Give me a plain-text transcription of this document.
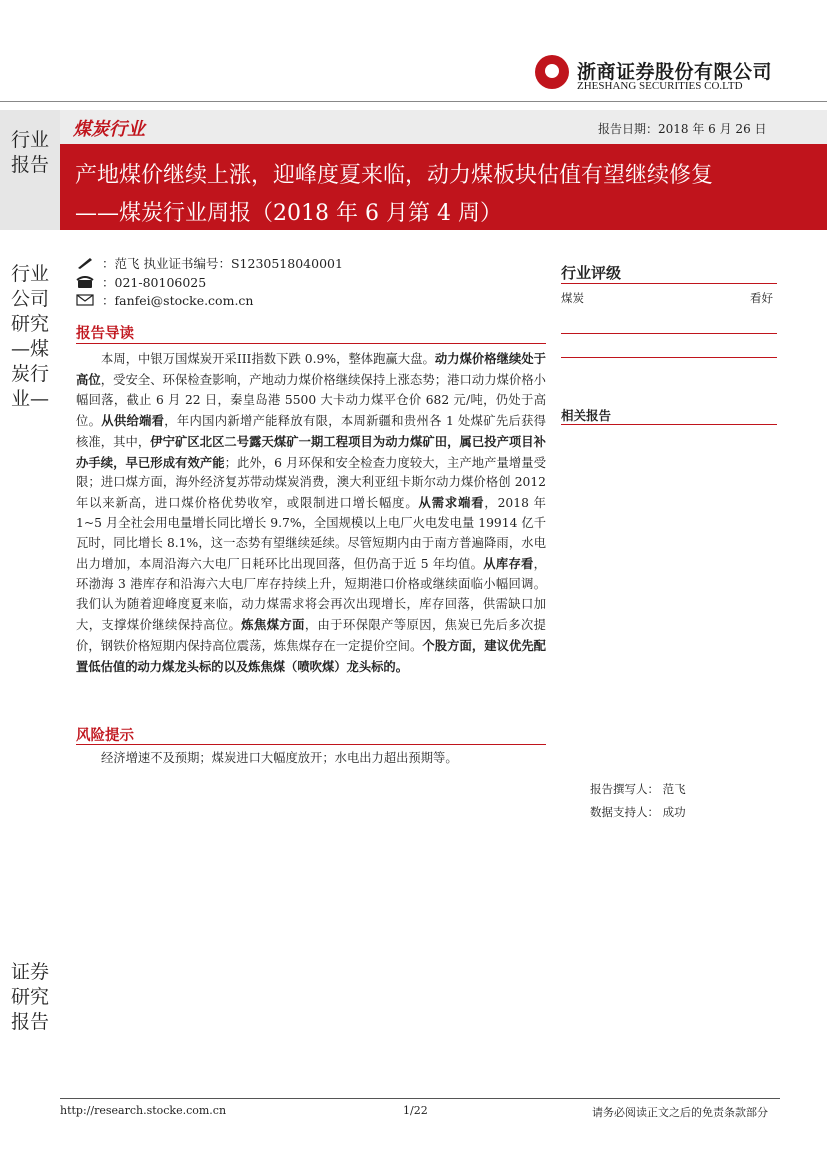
浙商证券股份有限公司
ZHESHANG SECURITIES CO.LTD
行业报告
行业公司研究—煤炭行业—
证券研究报告
煤炭行业	报告日期：2018 年 6 月 26 日
产地煤价继续上涨，迎峰度夏来临，动力煤板块估值有望继续修复
——煤炭行业周报（2018 年 6 月第 4 周）
：范飞 执业证书编号：S1230518040001
：021-80106025
：fanfei@stocke.com.cn
报告导读
本周，中银万国煤炭开采III指数下跌 0.9%，整体跑赢大盘。动力煤价格继续处于高位，受安全、环保检查影响，产地动力煤价格继续保持上涨态势；港口动力煤价格小幅回落，截止 6 月 22 日，秦皇岛港 5500 大卡动力煤平仓价 682 元/吨，仍处于高位。从供给端看，年内国内新增产能释放有限，本周新疆和贵州各 1 处煤矿先后获得核准，其中，伊宁矿区北区二号露天煤矿一期工程项目为动力煤矿田，属已投产项目补办手续，早已形成有效产能；此外，6 月环保和安全检查力度较大，主产地产量增量受限；进口煤方面，海外经济复苏带动煤炭消费，澳大利亚纽卡斯尔动力煤价格创 2012 年以来新高，进口煤价格优势收窄，或限制进口增长幅度。从需求端看，2018 年 1~5 月全社会用电量增长同比增长 9.7%，全国规模以上电厂火电发电量 19914 亿千瓦时，同比增长 8.1%，这一态势有望继续延续。尽管短期内由于南方普遍降雨，水电出力增加，本周沿海六大电厂日耗环比出现回落，但仍高于近 5 年均值。从库存看，环渤海 3 港库存和沿海六大电厂库存持续上升，短期港口价格或继续面临小幅回调。我们认为随着迎峰度夏来临，动力煤需求将会再次出现增长，库存回落，供需缺口加大，支撑煤价继续保持高位。炼焦煤方面，由于环保限产等原因，焦炭已先后多次提价，钢铁价格短期内保持高位震荡，炼焦煤存在一定提价空间。个股方面，建议优先配置低估值的动力煤龙头标的以及炼焦煤（喷吹煤）龙头标的。
风险提示
经济增速不及预期；煤炭进口大幅度放开；水电出力超出预期等。
行业评级
煤炭	看好
相关报告
报告撰写人： 范飞
数据支持人： 成功
http://research.stocke.com.cn	1/22	请务必阅读正文之后的免责条款部分
